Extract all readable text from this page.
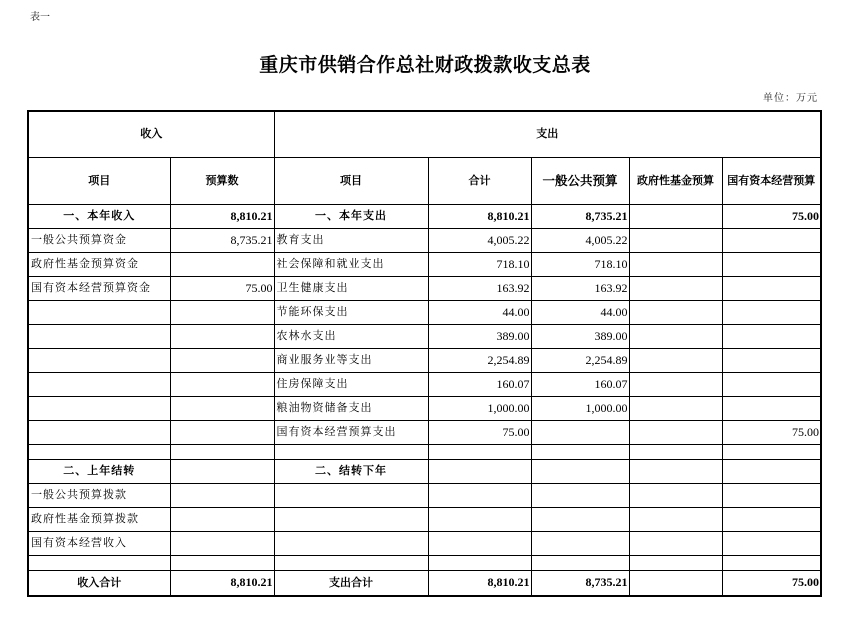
表一
重庆市供销合作总社财政拨款收支总表
单位：万元
收入		支出				
项目	预算数	项目	合计	一般公共预算	政府性基金预算	国有资本经营预算
一、本年收入	8,810.21	一、本年支出	8,810.21	8,735.21		75.00
一般公共预算资金	8,735.21	教育支出	4,005.22	4,005.22		
政府性基金预算资金		社会保障和就业支出	718.10	718.10		
国有资本经营预算资金	75.00	卫生健康支出	163.92	163.92		
		节能环保支出	44.00	44.00		
		农林水支出	389.00	389.00		
		商业服务业等支出	2,254.89	2,254.89		
		住房保障支出	160.07	160.07		
		粮油物资储备支出	1,000.00	1,000.00		
		国有资本经营预算支出	75.00			75.00

二、上年结转		二、结转下年				
一般公共预算拨款						
政府性基金预算拨款						
国有资本经营收入						

收入合计	8,810.21	支出合计	8,810.21	8,735.21		75.00
